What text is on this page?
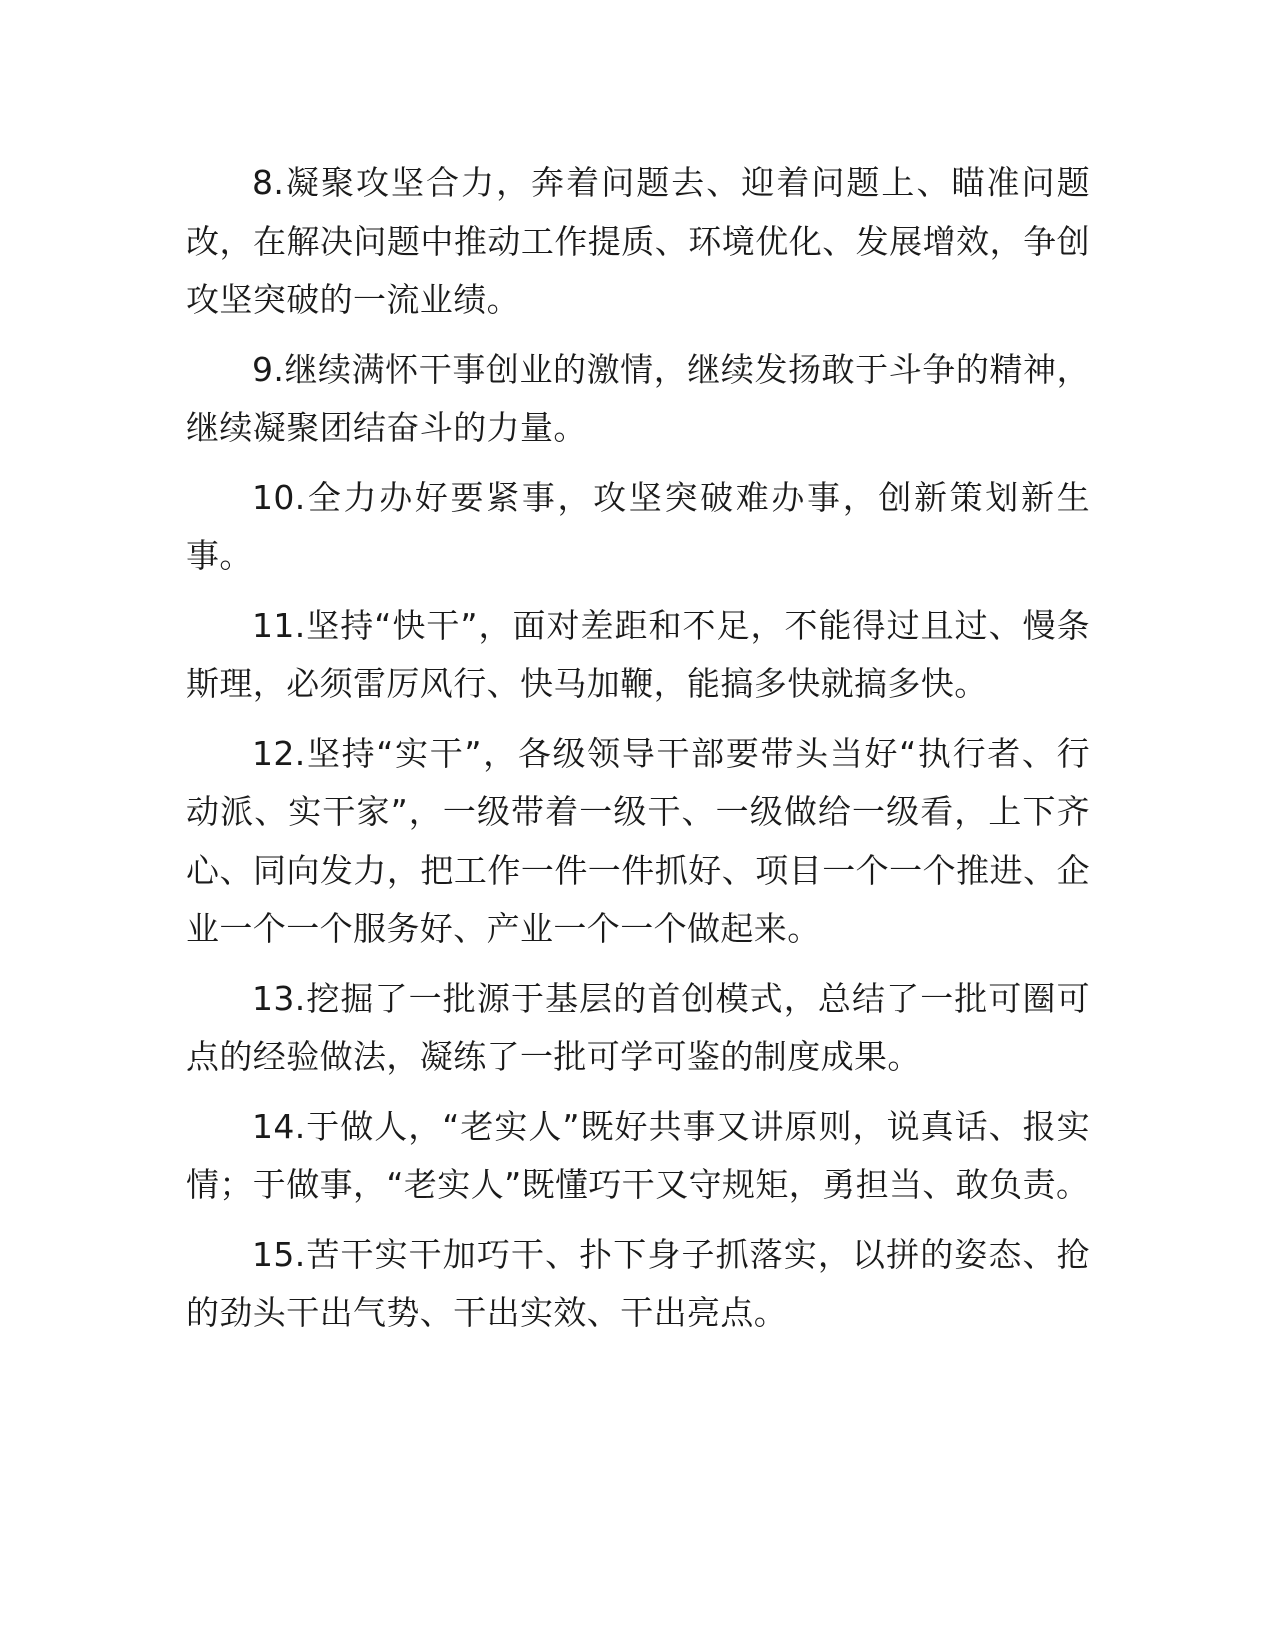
8.凝聚攻坚合力，奔着问题去、迎着问题上、瞄准问题改，在解决问题中推动工作提质、环境优化、发展增效，争创攻坚突破的一流业绩。

9.继续满怀干事创业的激情，继续发扬敢于斗争的精神，继续凝聚团结奋斗的力量。

10.全力办好要紧事，攻坚突破难办事，创新策划新生事。

11.坚持“快干”，面对差距和不足，不能得过且过、慢条斯理，必须雷厉风行、快马加鞭，能搞多快就搞多快。

12.坚持“实干”，各级领导干部要带头当好“执行者、行动派、实干家”，一级带着一级干、一级做给一级看，上下齐心、同向发力，把工作一件一件抓好、项目一个一个推进、企业一个一个服务好、产业一个一个做起来。

13.挖掘了一批源于基层的首创模式，总结了一批可圈可点的经验做法，凝练了一批可学可鉴的制度成果。

14.于做人，“老实人”既好共事又讲原则，说真话、报实情；于做事，“老实人”既懂巧干又守规矩，勇担当、敢负责。

15.苦干实干加巧干、扑下身子抓落实，以拼的姿态、抢的劲头干出气势、干出实效、干出亮点。
